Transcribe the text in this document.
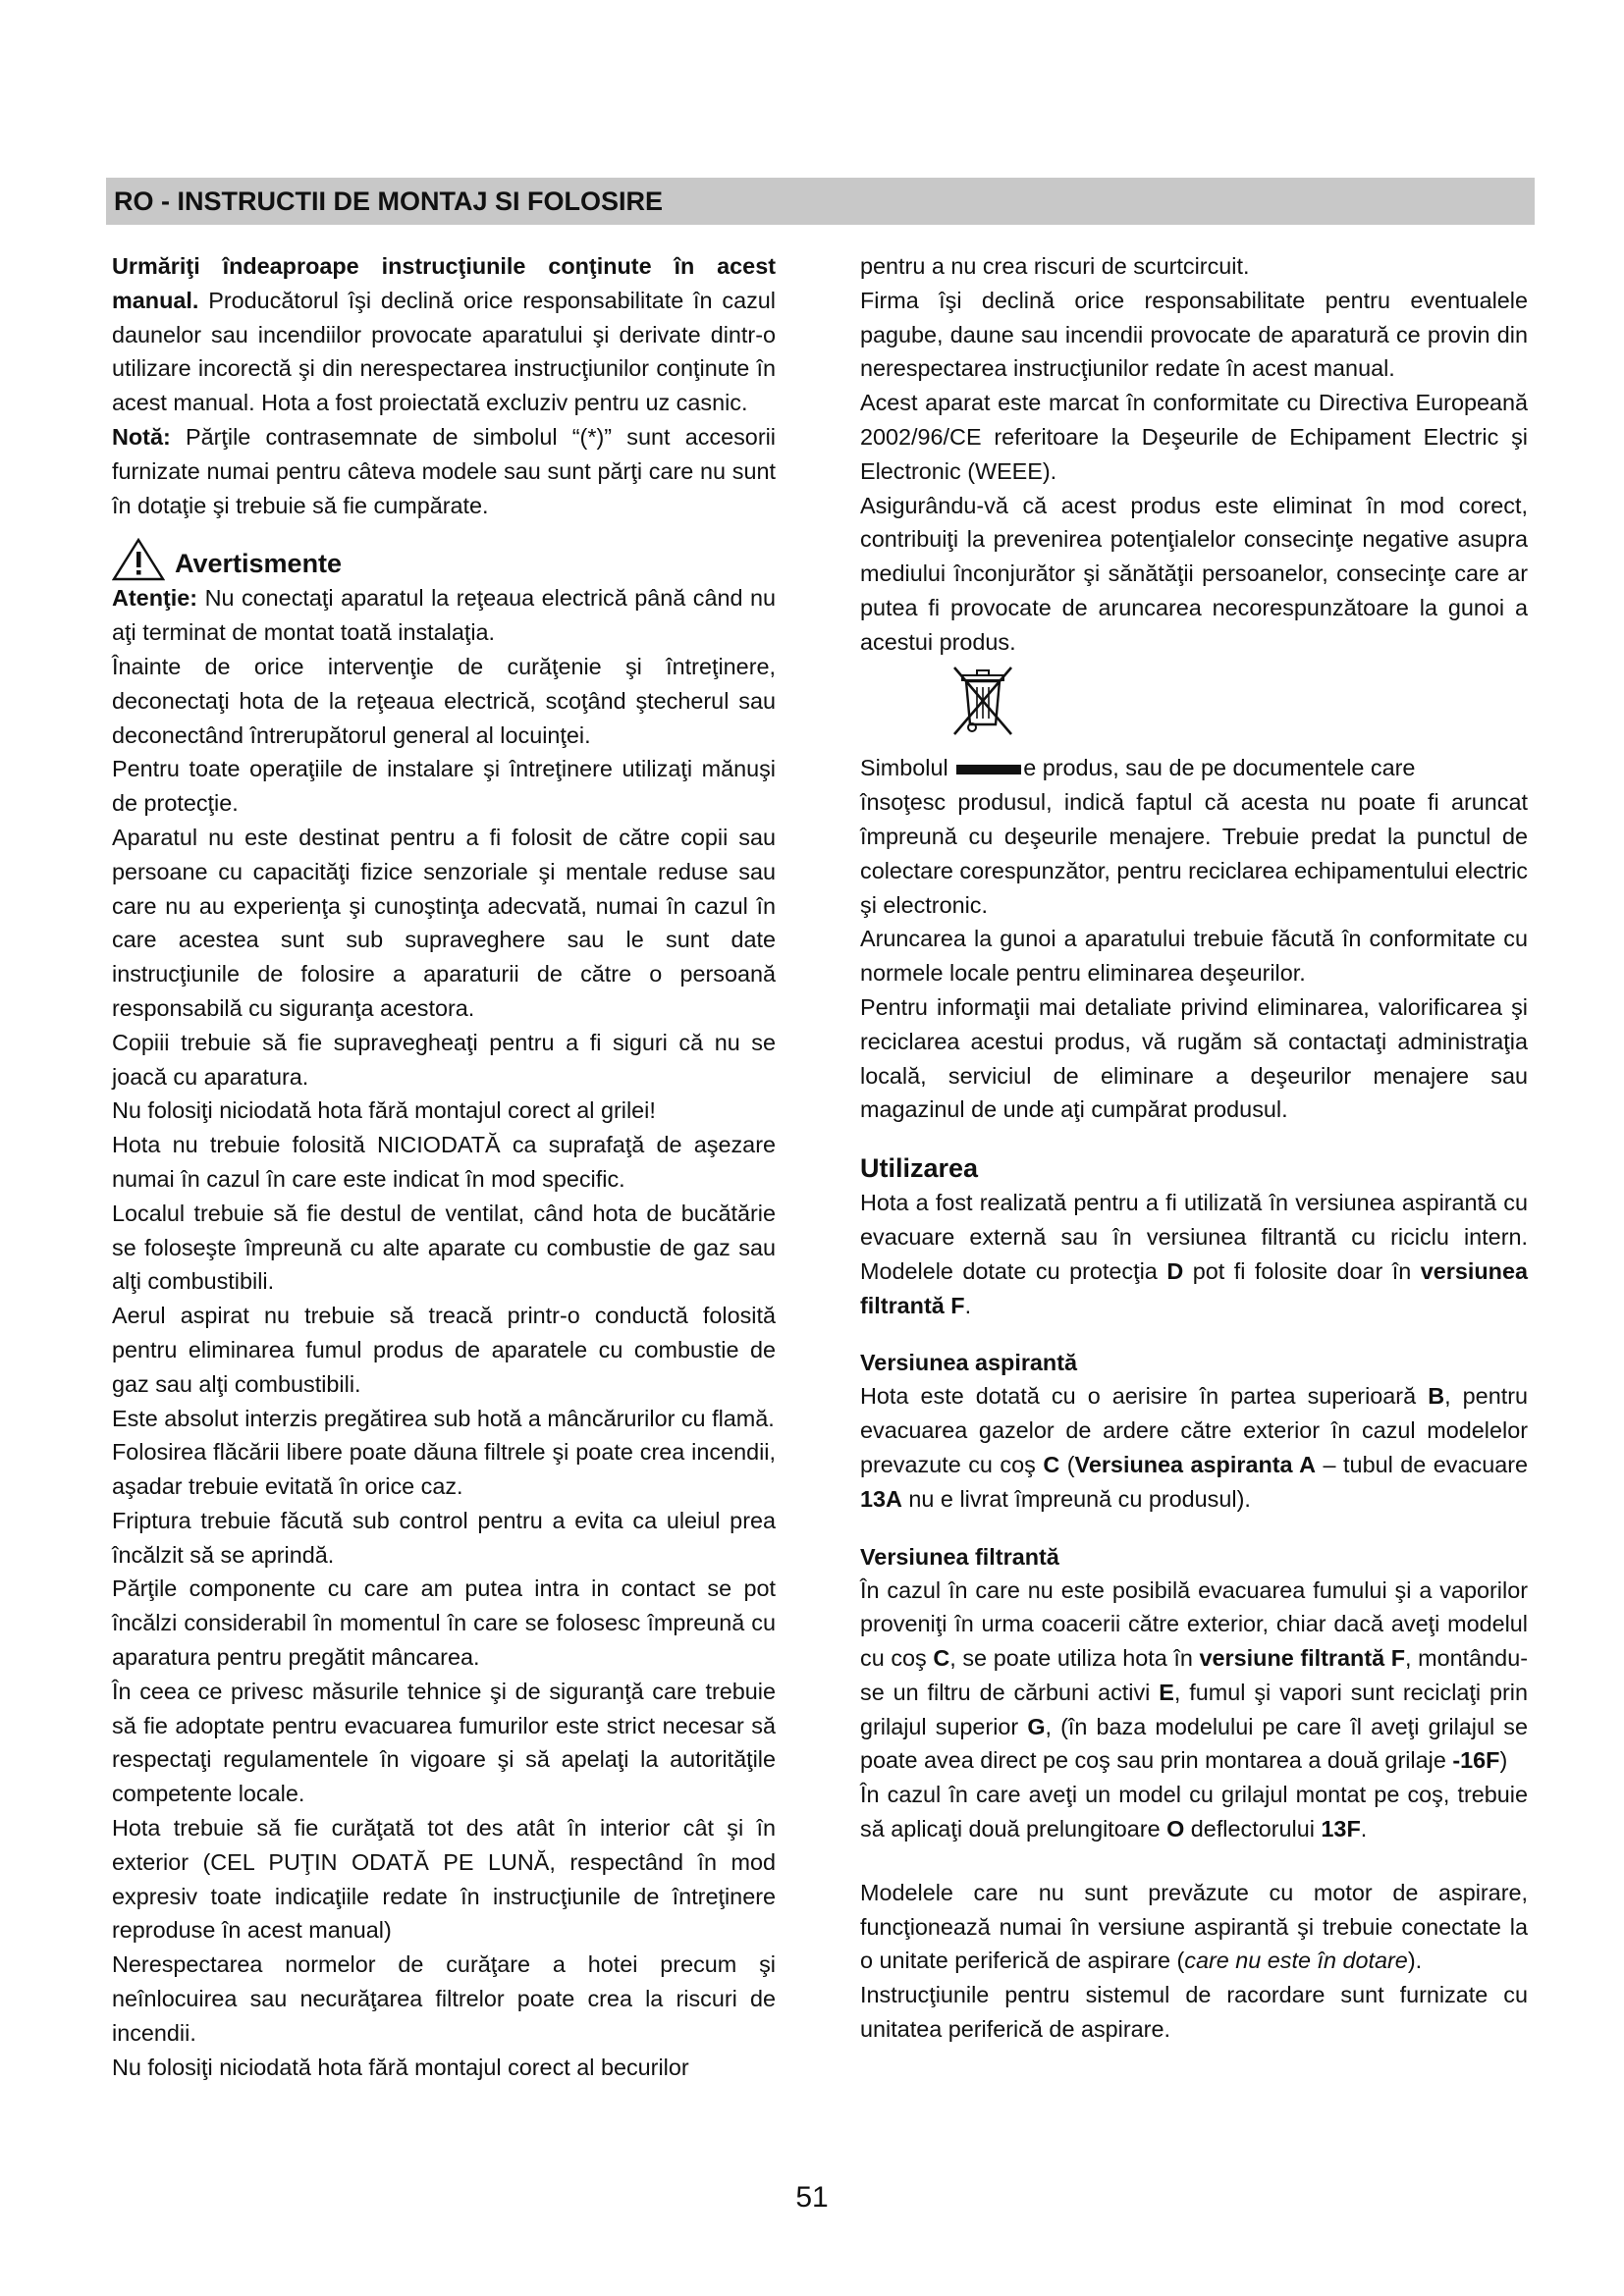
RO - INSTRUCTII DE MONTAJ SI FOLOSIRE

Urmăriţi îndeaproape instrucţiunile conţinute în acest manual. Producătorul îşi declină orice responsabilitate în cazul daunelor sau incendiilor provocate aparatului şi derivate dintr-o utilizare incorectă şi din nerespectarea instrucţiunilor conţinute în acest manual. Hota a fost proiectată excluziv pentru uz casnic.

Notă: Părţile contrasemnate de simbolul “(*)” sunt accesorii furnizate numai pentru câteva modele sau sunt părţi care nu sunt în dotaţie şi trebuie să fie cumpărate.

Avertismente

Atenţie: Nu conectaţi aparatul la reţeaua electrică până când nu aţi terminat de montat toată instalaţia.

Înainte de orice intervenţie de curăţenie şi întreţinere, deconectaţi hota de la reţeaua electrică, scoţând ştecherul sau deconectând întrerupătorul general al locuinţei.

Pentru toate operaţiile de instalare şi întreţinere utilizaţi mănuşi de protecţie.

Aparatul nu este destinat pentru a fi folosit de către copii sau persoane cu capacităţi fizice senzoriale şi mentale reduse sau care nu au experienţa şi cunoştinţa adecvată, numai în cazul în care acestea sunt sub supraveghere sau le sunt date instrucţiunile de folosire a aparaturii de către o persoană responsabilă cu siguranţa acestora.

Copiii trebuie să fie supravegheaţi pentru a fi siguri că nu se joacă cu aparatura.

Nu folosiţi niciodată hota fără montajul corect al grilei!

Hota nu trebuie folosită NICIODATĂ ca suprafaţă de aşezare numai în cazul în care este indicat în mod specific.

Localul trebuie să fie destul de ventilat, când hota de bucătărie se foloseşte împreună cu alte aparate cu combustie de gaz sau alţi combustibili.

Aerul aspirat nu trebuie să treacă printr-o conductă folosită pentru eliminarea fumul produs de aparatele cu combustie de gaz sau alţi combustibili.

Este absolut interzis pregătirea sub hotă a mâncărurilor cu flamă.

Folosirea flăcării libere poate dăuna filtrele şi poate crea incendii, aşadar trebuie evitată în orice caz.

Friptura trebuie făcută sub control pentru a evita ca uleiul prea încălzit să se aprindă.

Părţile componente cu care am putea intra in contact se pot încălzi considerabil în momentul în care se folosesc împreună cu aparatura pentru pregătit mâncarea.

În ceea ce privesc măsurile tehnice şi de siguranţă care trebuie să fie adoptate pentru evacuarea fumurilor este strict necesar să respectaţi regulamentele în vigoare şi să apelaţi la autorităţile competente locale.

Hota trebuie să fie curăţată tot des atât în interior cât şi în exterior (CEL PUŢIN ODATĂ PE LUNĂ, respectând în mod expresiv toate indicaţiile redate în instrucţiunile de întreţinere reproduse în acest manual)

Nerespectarea normelor de curăţare a hotei precum şi neînlocuirea sau necurăţarea filtrelor poate crea la riscuri de incendii.

Nu folosiţi niciodată hota fără montajul corect al becurilor

pentru a nu crea riscuri de scurtcircuit.

Firma îşi declină orice responsabilitate pentru eventualele pagube, daune sau incendii provocate de aparatură ce provin din nerespectarea instrucţiunilor redate în acest manual.

Acest aparat este marcat în conformitate cu Directiva Europeană 2002/96/CE referitoare la Deşeurile de Echipament Electric şi Electronic (WEEE).

Asigurându-vă că acest produs este eliminat în mod corect, contribuiţi la prevenirea potenţialelor consecinţe negative asupra mediului înconjurător şi sănătăţii persoanelor, consecinţe care ar putea fi provocate de aruncarea necorespunzătoare la gunoi a acestui produs.

Simbolul	e produs, sau de pe documentele care

însoţesc produsul, indică faptul că acesta nu poate fi aruncat împreună cu deşeurile menajere. Trebuie predat la punctul de colectare corespunzător, pentru reciclarea echipamentului electric şi electronic.

Aruncarea la gunoi a aparatului trebuie făcută în conformitate cu normele locale pentru eliminarea deşeurilor.

Pentru informaţii mai detaliate privind eliminarea, valorificarea şi reciclarea acestui produs, vă rugăm să contactaţi administraţia locală, serviciul de eliminare a deşeurilor menajere sau magazinul de unde aţi cumpărat produsul.

Utilizarea

Hota a fost realizată pentru a fi utilizată în versiunea aspirantă cu evacuare externă sau în versiunea filtrantă cu riciclu intern. Modelele dotate cu protecţia D pot fi folosite doar în versiunea filtrantă F.

Versiunea aspirantă

Hota este dotată cu o aerisire în partea superioară B, pentru evacuarea gazelor de ardere către exterior în cazul modelelor prevazute cu coş C (Versiunea aspiranta A – tubul de evacuare 13A nu e livrat împreună cu produsul).

Versiunea filtrantă

În cazul în care nu este posibilă evacuarea fumului şi a vaporilor proveniţi în urma coacerii către exterior, chiar dacă aveţi modelul cu coş C, se poate utiliza hota în versiune filtrantă F, montându-se un filtru de cărbuni activi E, fumul şi vapori sunt reciclaţi prin grilajul superior G, (în baza modelului pe care îl aveţi grilajul se poate avea direct pe coş sau prin montarea a două grilaje -16F)

În cazul în care aveţi un model cu grilajul montat pe coş, trebuie să aplicaţi două prelungitoare O deflectorului 13F.

Modelele care nu sunt prevăzute cu motor de aspirare, funcţionează numai în versiune aspirantă şi trebuie conectate la o unitate periferică de aspirare (care nu este în dotare).

Instrucţiunile pentru sistemul de racordare sunt furnizate cu unitatea periferică de aspirare.

51
